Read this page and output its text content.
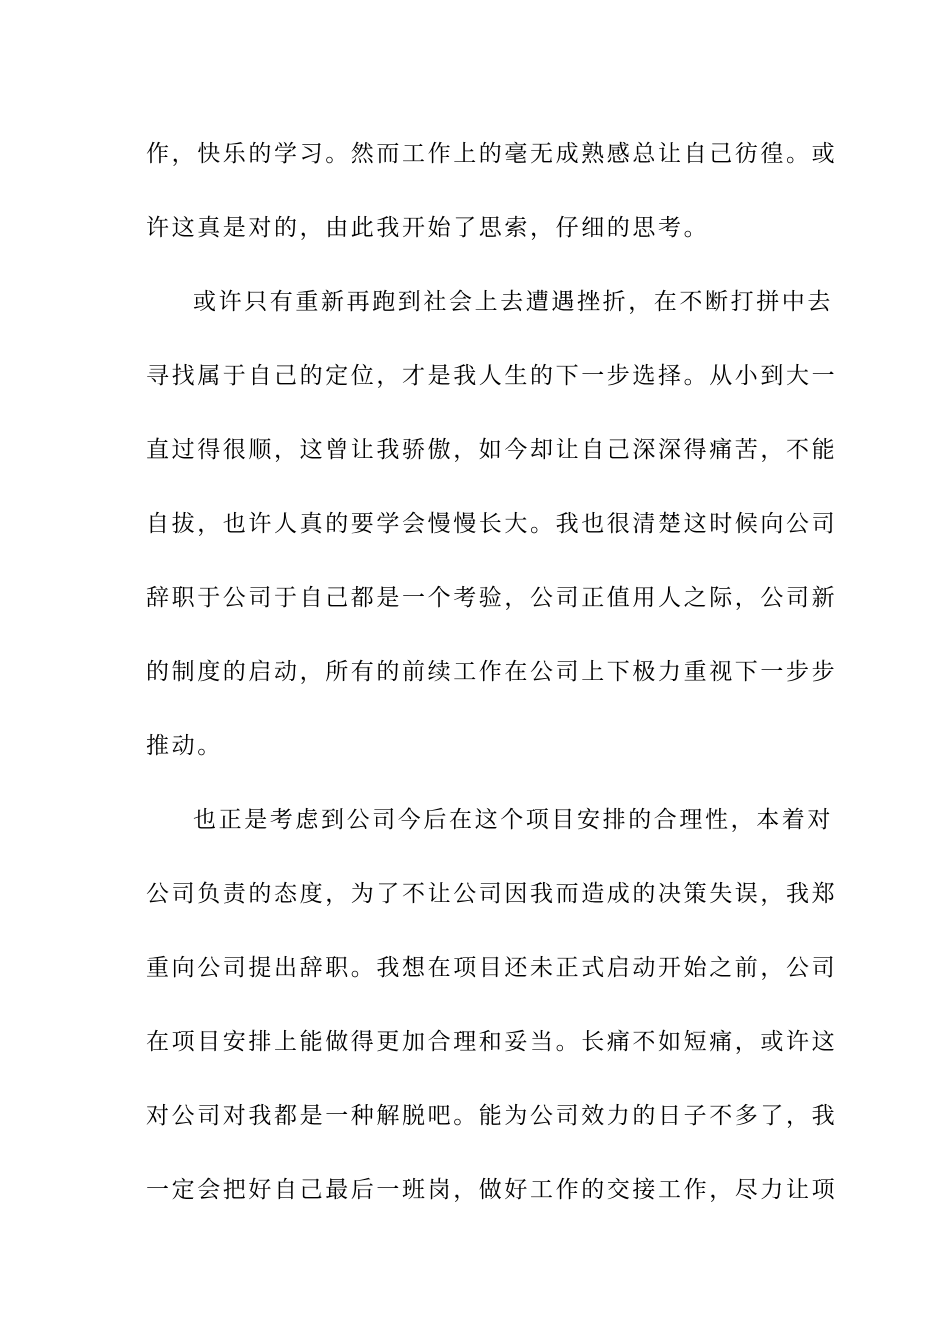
作，快乐的学习。然而工作上的毫无成熟感总让自己彷徨。或
许这真是对的，由此我开始了思索，仔细的思考。
或许只有重新再跑到社会上去遭遇挫折，在不断打拼中去
寻找属于自己的定位，才是我人生的下一步选择。从小到大一
直过得很顺，这曾让我骄傲，如今却让自己深深得痛苦，不能
自拔，也许人真的要学会慢慢长大。我也很清楚这时候向公司
辞职于公司于自己都是一个考验，公司正值用人之际，公司新
的制度的启动，所有的前续工作在公司上下极力重视下一步步
推动。
也正是考虑到公司今后在这个项目安排的合理性，本着对
公司负责的态度，为了不让公司因我而造成的决策失误，我郑
重向公司提出辞职。我想在项目还未正式启动开始之前，公司
在项目安排上能做得更加合理和妥当。长痛不如短痛，或许这
对公司对我都是一种解脱吧。能为公司效力的日子不多了，我
一定会把好自己最后一班岗，做好工作的交接工作，尽力让项
